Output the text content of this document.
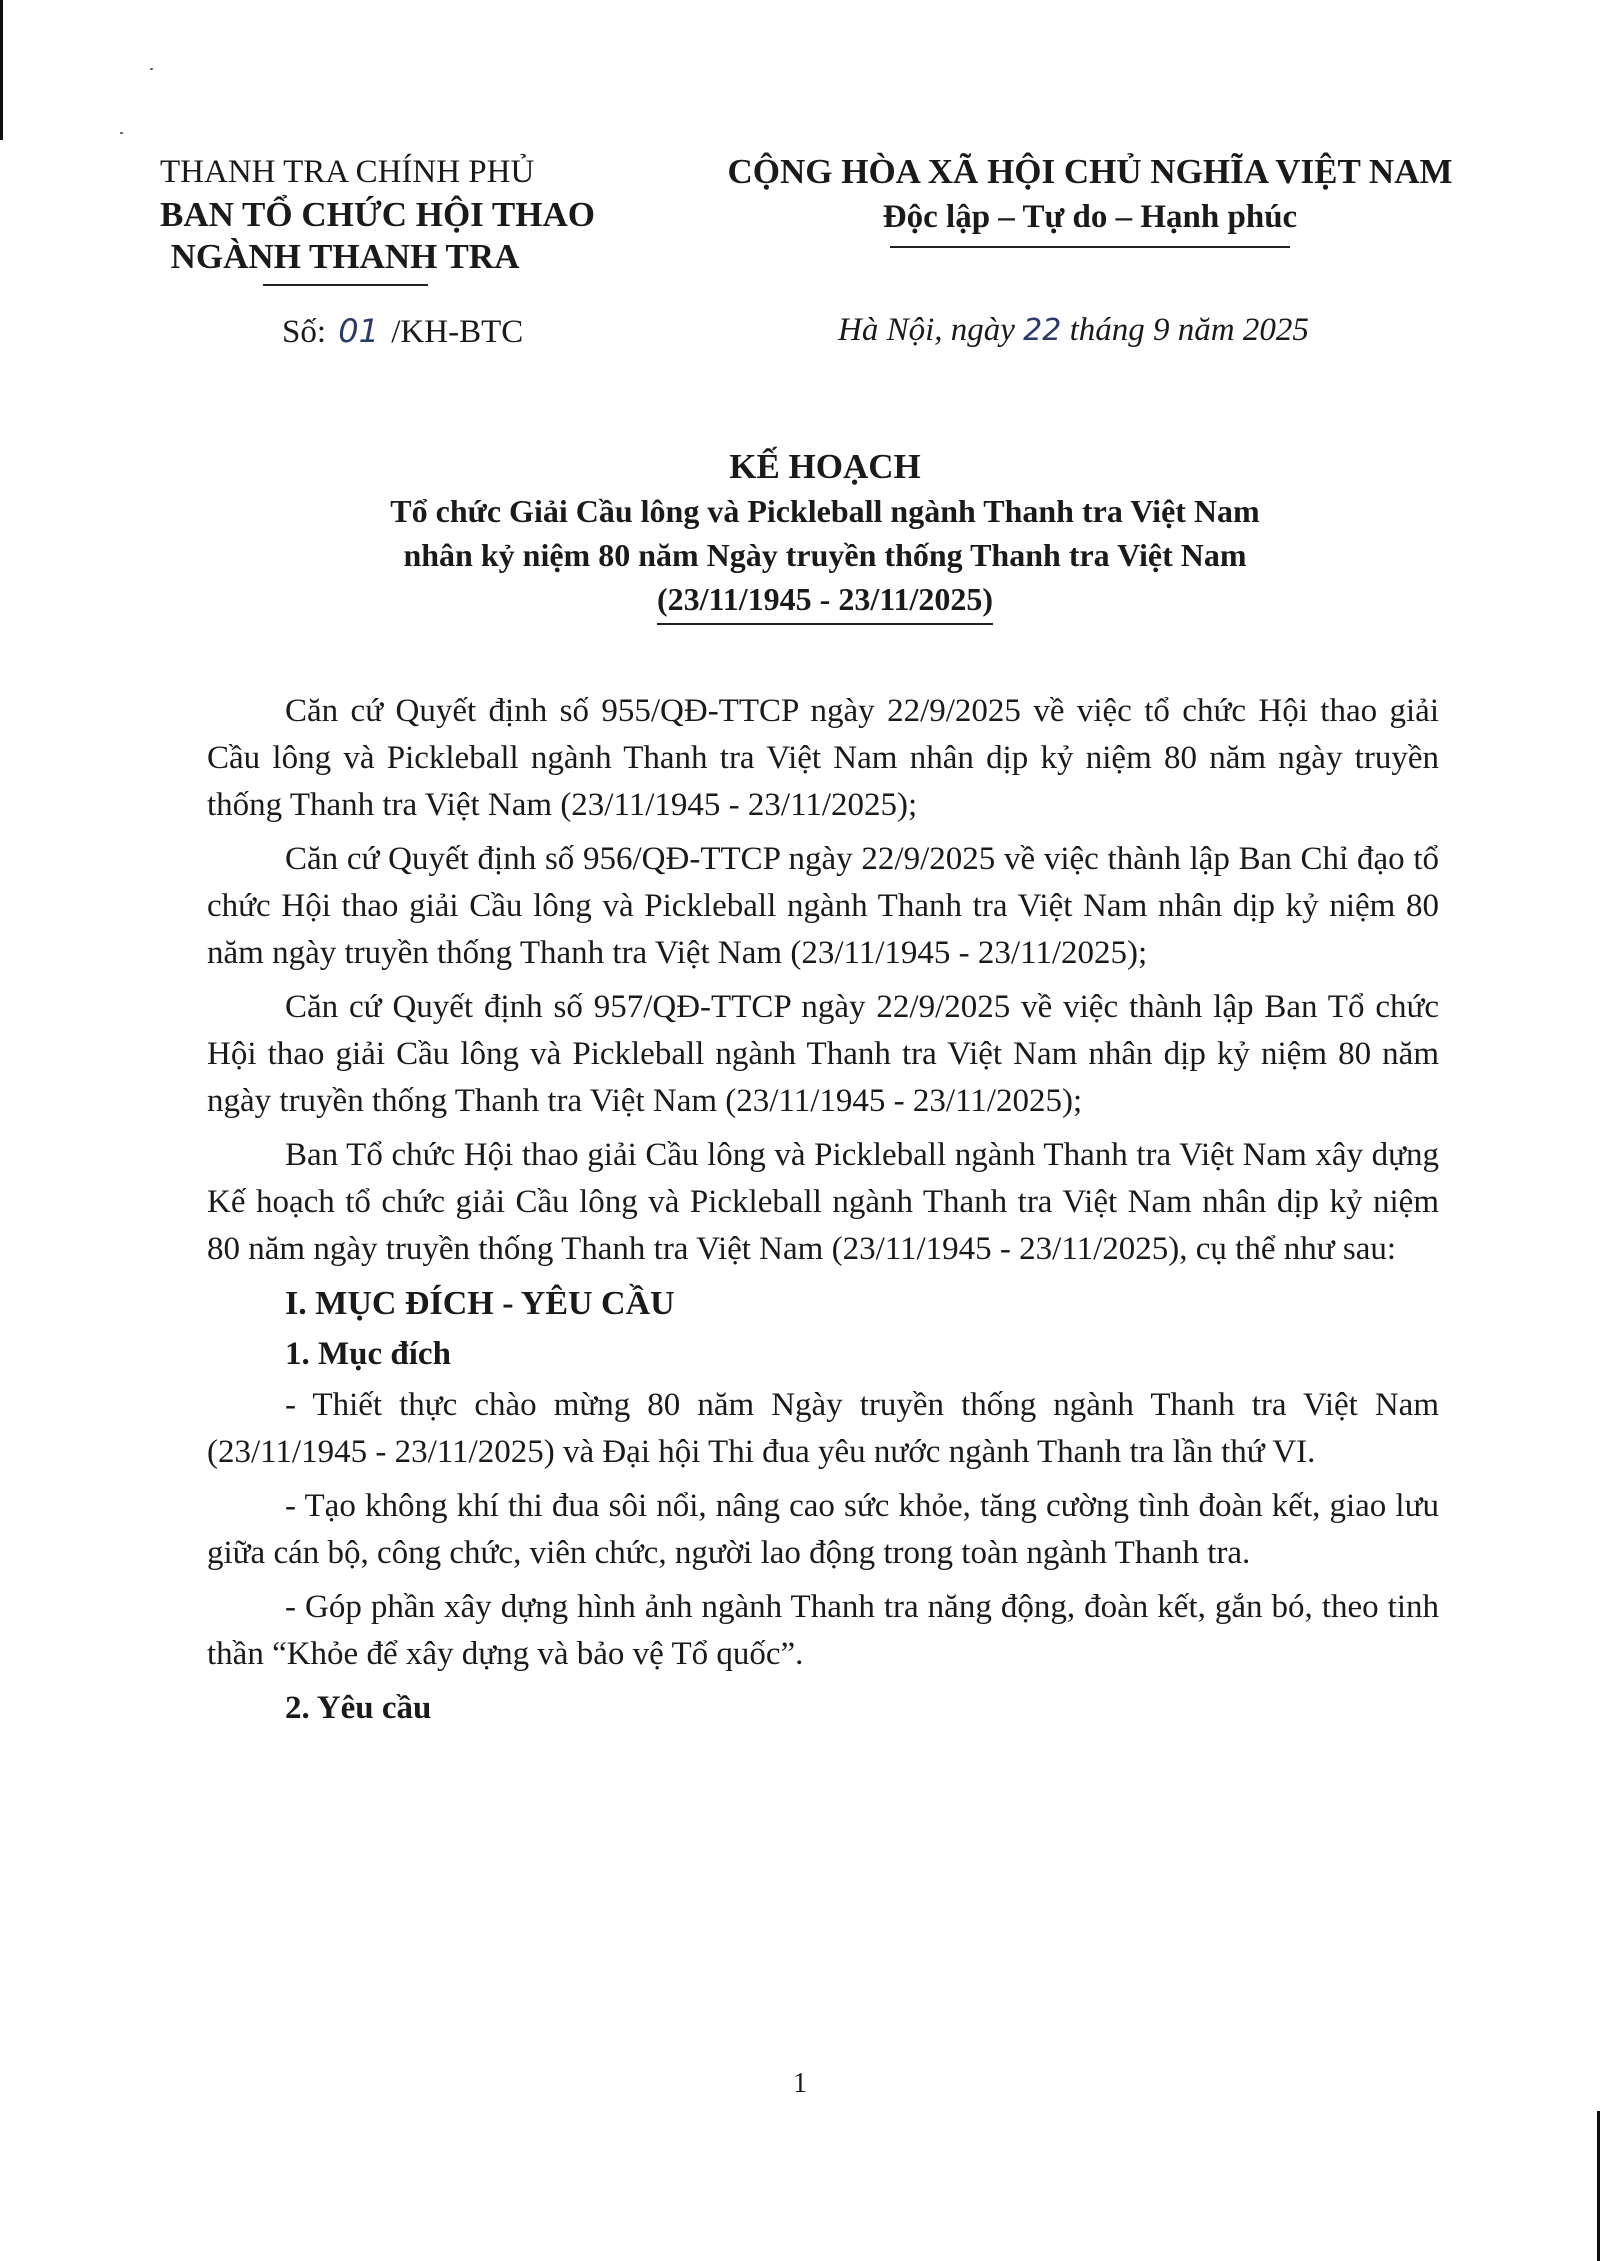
THANH TRA CHÍNH PHỦ
BAN TỔ CHỨC HỘI THAO
NGÀNH THANH TRA
Số: 01 /KH-BTC
CỘNG HÒA XÃ HỘI CHỦ NGHĨA VIỆT NAM
Độc lập – Tự do – Hạnh phúc
Hà Nội, ngày 22 tháng 9 năm 2025
KẾ HOẠCH
Tổ chức Giải Cầu lông và Pickleball ngành Thanh tra Việt Nam
nhân kỷ niệm 80 năm Ngày truyền thống Thanh tra Việt Nam
(23/11/1945 - 23/11/2025)

Căn cứ Quyết định số 955/QĐ-TTCP ngày 22/9/2025 về việc tổ chức Hội thao giải Cầu lông và Pickleball ngành Thanh tra Việt Nam nhân dịp kỷ niệm 80 năm ngày truyền thống Thanh tra Việt Nam (23/11/1945 - 23/11/2025);

Căn cứ Quyết định số 956/QĐ-TTCP ngày 22/9/2025 về việc thành lập Ban Chỉ đạo tổ chức Hội thao giải Cầu lông và Pickleball ngành Thanh tra Việt Nam nhân dịp kỷ niệm 80 năm ngày truyền thống Thanh tra Việt Nam (23/11/1945 - 23/11/2025);

Căn cứ Quyết định số 957/QĐ-TTCP ngày 22/9/2025 về việc thành lập Ban Tổ chức Hội thao giải Cầu lông và Pickleball ngành Thanh tra Việt Nam nhân dịp kỷ niệm 80 năm ngày truyền thống Thanh tra Việt Nam (23/11/1945 - 23/11/2025);

Ban Tổ chức Hội thao giải Cầu lông và Pickleball ngành Thanh tra Việt Nam xây dựng Kế hoạch tổ chức giải Cầu lông và Pickleball ngành Thanh tra Việt Nam nhân dịp kỷ niệm 80 năm ngày truyền thống Thanh tra Việt Nam (23/11/1945 - 23/11/2025), cụ thể như sau:

I. MỤC ĐÍCH - YÊU CẦU
1. Mục đích

- Thiết thực chào mừng 80 năm Ngày truyền thống ngành Thanh tra Việt Nam (23/11/1945 - 23/11/2025) và Đại hội Thi đua yêu nước ngành Thanh tra lần thứ VI.

- Tạo không khí thi đua sôi nổi, nâng cao sức khỏe, tăng cường tình đoàn kết, giao lưu giữa cán bộ, công chức, viên chức, người lao động trong toàn ngành Thanh tra.

- Góp phần xây dựng hình ảnh ngành Thanh tra năng động, đoàn kết, gắn bó, theo tinh thần “Khỏe để xây dựng và bảo vệ Tổ quốc”.

2. Yêu cầu
1
